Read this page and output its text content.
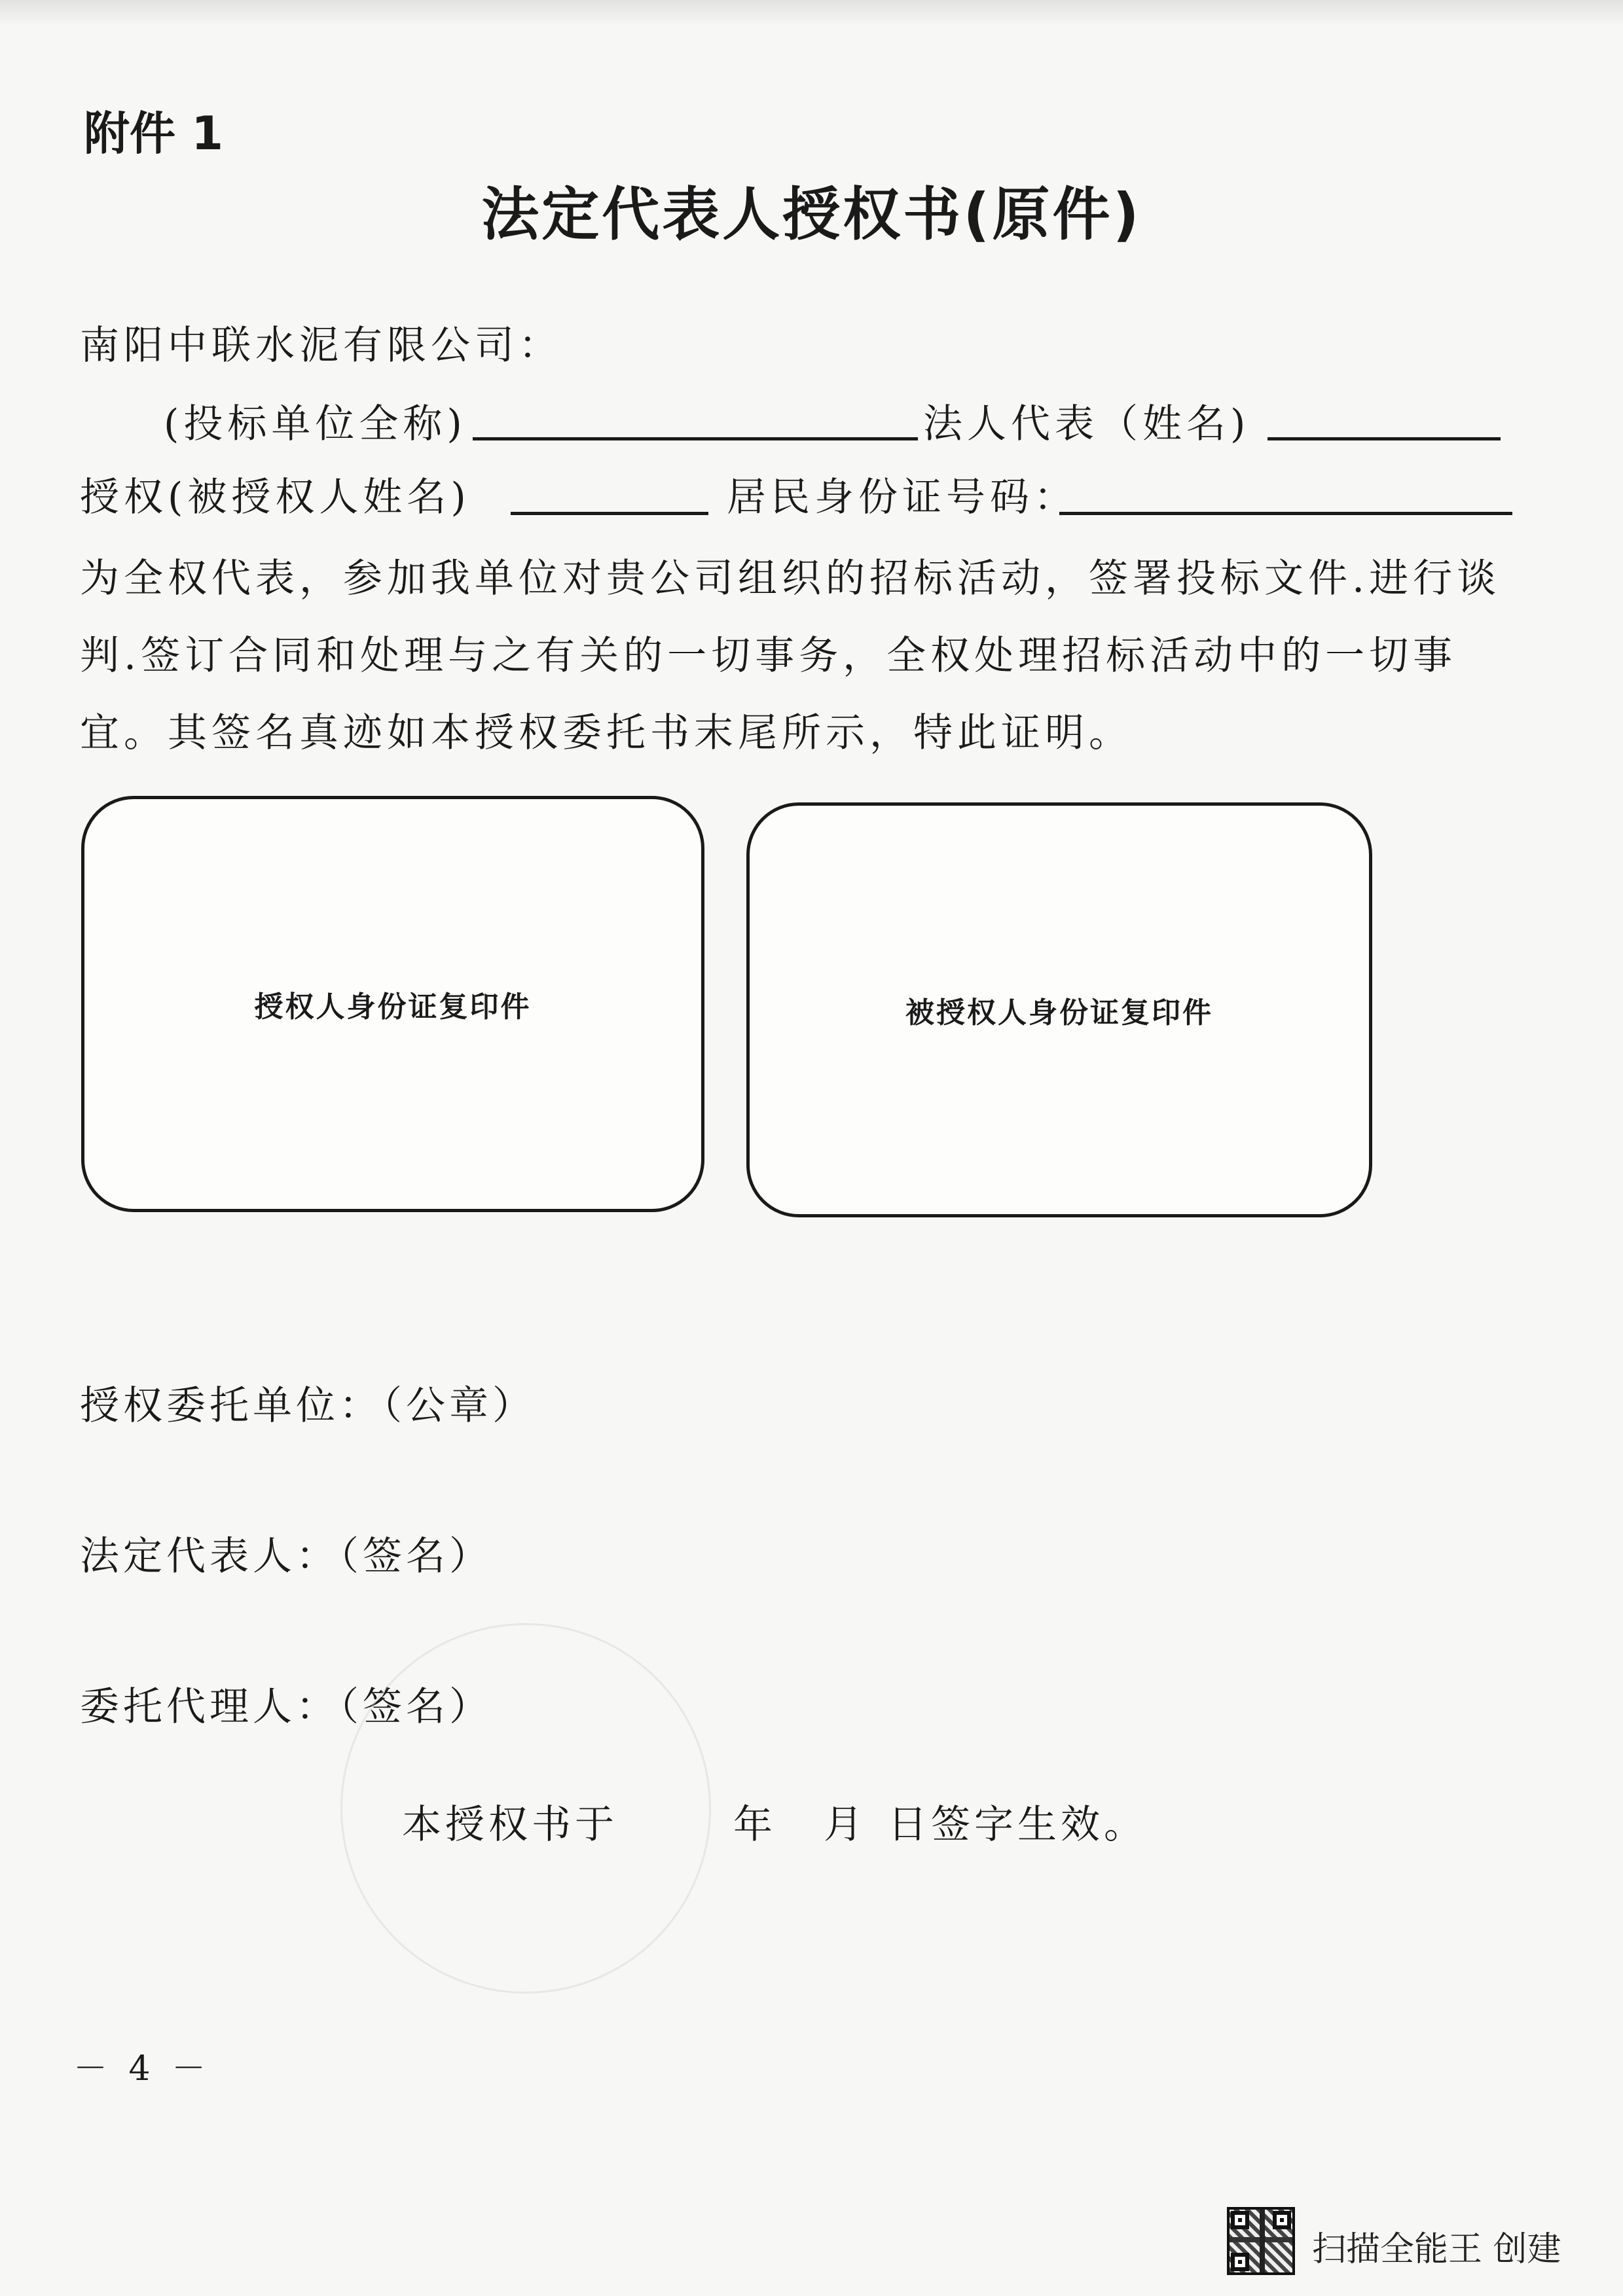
附件 1
法定代表人授权书(原件)
南阳中联水泥有限公司：
(投标单位全称)	法人代表（姓名)
授权(被授权人姓名)	居民身份证号码：
为全权代表，参加我单位对贵公司组织的招标活动，签署投标文件.进行谈
判.签订合同和处理与之有关的一切事务，全权处理招标活动中的一切事
宜。其签名真迹如本授权委托书末尾所示，特此证明。
授权人身份证复印件	被授权人身份证复印件
授权委托单位：（公章）
法定代表人：（签名）
委托代理人：（签名）
本授权书于	年 月 日签字生效。
－ 4 －
扫描全能王 创建
